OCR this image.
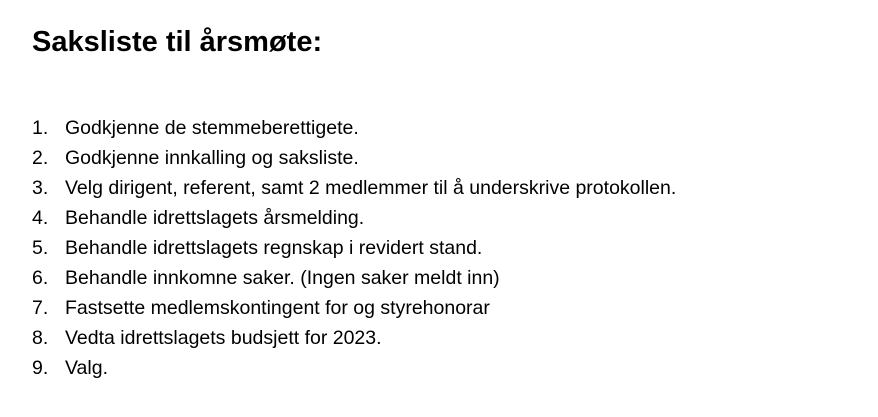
Saksliste til årsmøte:
1. Godkjenne de stemmeberettigete.
2. Godkjenne innkalling og saksliste.
3. Velg dirigent, referent, samt 2 medlemmer til å underskrive protokollen.
4. Behandle idrettslagets årsmelding.
5. Behandle idrettslagets regnskap i revidert stand.
6. Behandle innkomne saker. (Ingen saker meldt inn)
7. Fastsette medlemskontingent for og styrehonorar
8. Vedta idrettslagets budsjett for 2023.
9. Valg.
